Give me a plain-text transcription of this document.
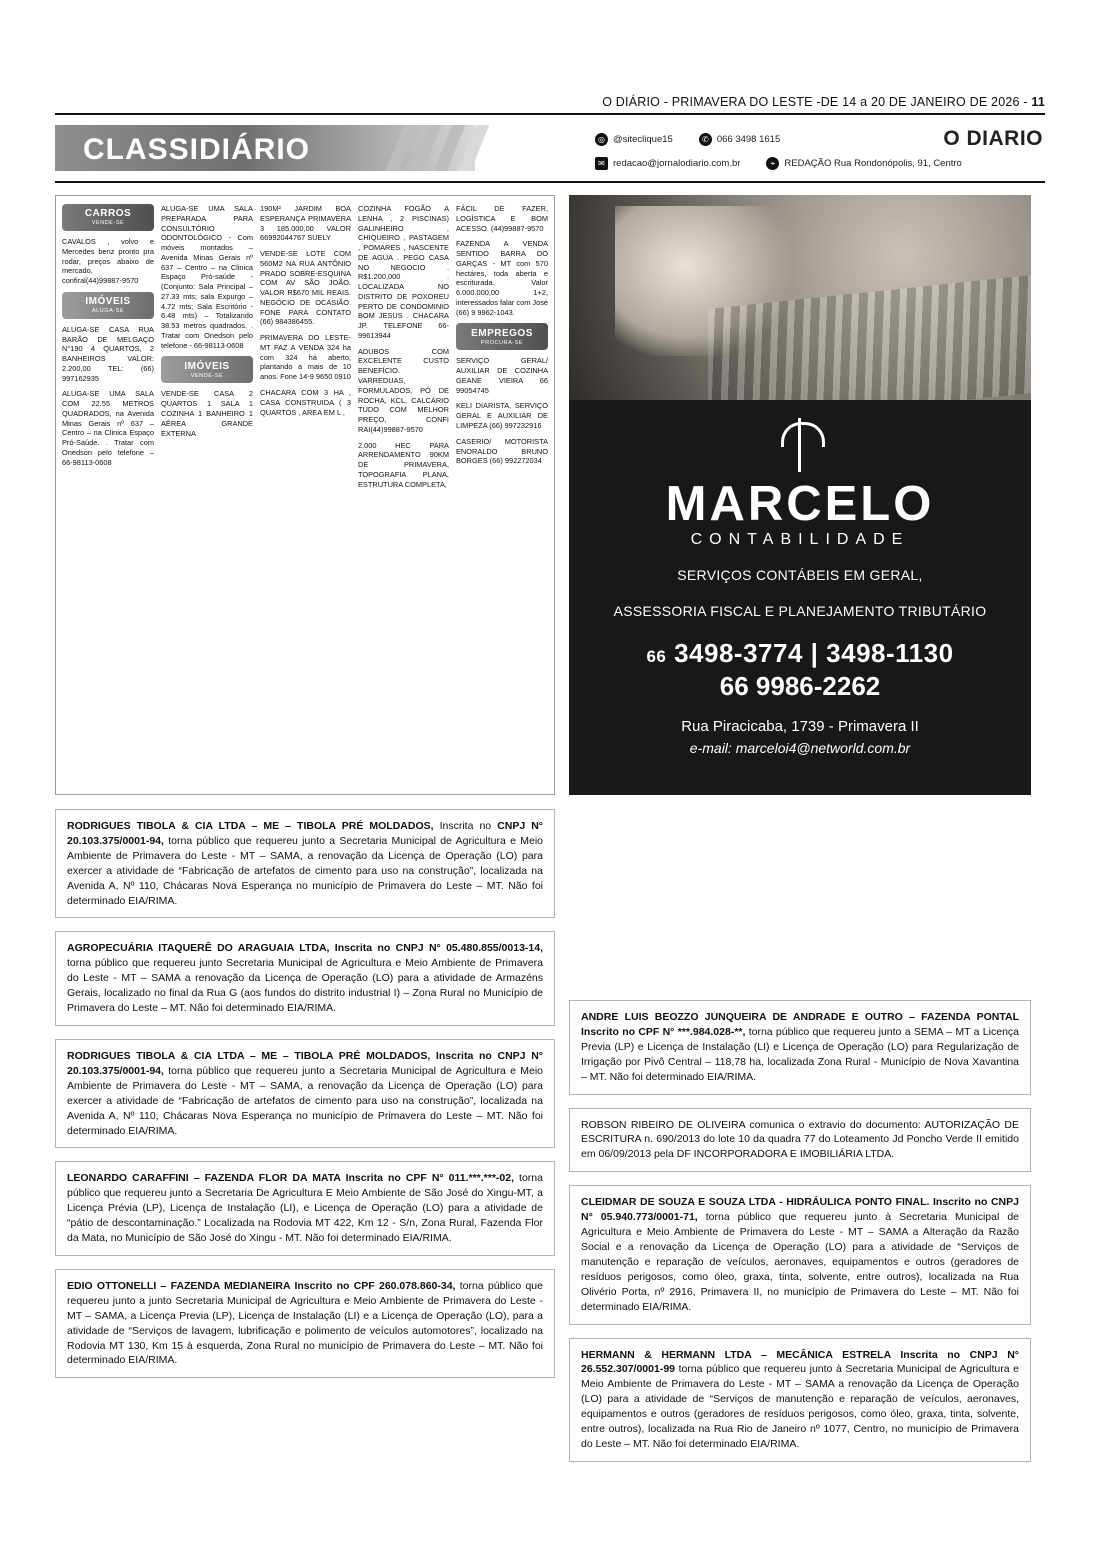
O DIÁRIO - PRIMAVERA DO LESTE -DE 14 a 20 DE JANEIRO DE 2026 - 11
CLASSIDIÁRIO	◎ @siteclique15	✆ 066 3498 1615	O DIARIO
✉ redacao@jornalodiario.com.br	⌖ REDAÇÃO Rua Rondonópolis, 91, Centro
CARROS
VENDE-SE

CAVALOS , volvo e Mercedes benz pronto pra rodar, preços abaixo de mercado, confiral(44)99887-9570

IMÓVEIS
ALUGA-SE

ALUGA-SE CASA RUA BARÃO DE MELGAÇO N°190 4 QUARTOS, 2 BANHEIROS VALOR: 2.200,00 TEL: (66) 997162935

ALUGA-SE UMA SALA COM 22.55 METROS QUADRADOS, na Avenida Minas Gerais nº 637 – Centro – na Clinica Espaço Pró-Saúde. . Tratar com Onedson pelo telefone – 66-98113-0608

ALUGA-SE UMA SALA PREPARADA PARA CONSULTÓRIO ODONTOLÓGICO - Com móveis montados – Avenida Minas Gerais nº 637 – Centro – na Clinica Espaço Pró-saúde - (Conjunto: Sala Principal – 27.33 mts; sala Expurgo – 4.72 mts; Sala Escritório - 6.48 mts) – Totalizando 38.53 metros quadrados. . Tratar com Onedson pelo telefone - 66-98113-0608

IMÓVEIS
VENDE-SE

VENDE-SE CASA 2 QUARTOS 1 SALA 1 COZINHA 1 BANHEIRO 1 AÉREA GRANDE EXTERNA

190M² JARDIM BOA ESPERANÇA PRIMAVERA 3 185.000,00 VALOR 66992044767 SUELY

VENDE-SE LOTE COM 560M2 NA RUA ANTÔNIO PRADO SOBRE-ESQUINA COM AV SÃO JOÃO. VALOR R$670 MIL REAIS. NEGÓCIO DE OCASIÃO. FONE PARA CONTATO (66) 984386455.

PRIMAVERA DO LESTE-MT FAZ A VENDA 324 ha com 324 há aberto, plantando a mais de 10 anos. Fone 14-9 9650 0910

CHACARA COM 3 HA , CASA CONSTRUIDA ( 3 QUARTOS , AREA EM L ,

COZINHA FOGÃO A LENHA , 2 PISCINAS) GALINHEIRO , CHIQUEIRO , PASTAGEM , POMARES , NASCENTE DE AGUA . PEGO CASA NO NEGOCIO . R$1.200,000 . LOCALIZADA NO DISTRITO DE POXOREU PERTO DE CONDOMINIO BOM JESUS . CHACARA JP. TELEFONE 66-99613944

ADUBOS COM EXCELENTE CUSTO BENEFÍCIO. VARREDUAS, FORMULADOS, PÓ DE ROCHA, KCL, CALCÁRIO TUDO COM MELHOR PREÇO, CONFI RAI(44)99887-9570

2.000 HEC PARA ARRENDAMENTO 90KM DE PRIMAVERA, TOPOGRAFIA PLANA, ESTRUTURA COMPLETA,

FÁCIL DE FAZER, LOGÍSTICA E BOM ACESSO. (44)99887-9570

FAZENDA A VENDA SENTIDO BARRA DO GARÇAS - MT com 570 hectáres, toda aberta e escriturada. Valor 6.000.000,00 1+2, interessados falar com José (66) 9 9962-1043.

EMPREGOS
PROCURA-SE

SERVIÇO GERAL/ AUXILIAR DE COZINHA GEANE VIEIRA 66 99054745

KELI DIARISTA, SERVIÇO GERAL E AUXILIAR DE LIMPEZA (66) 997232916

CASERIO/ MOTORISTA ENORALDO BRUNO BORGES (66) 992272034

MARCELO
CONTABILIDADE
SERVIÇOS CONTÁBEIS EM GERAL,
ASSESSORIA FISCAL E PLANEJAMENTO TRIBUTÁRIO
66 3498-3774 | 3498-1130
66 9986-2262
Rua Piracicaba, 1739 - Primavera II
e-mail: marceloi4@networld.com.br
RODRIGUES TIBOLA & CIA LTDA – ME – TIBOLA PRÉ MOLDADOS, Inscrita no CNPJ N° 20.103.375/0001-94, torna público que requereu junto a Secretaria Municipal de Agricultura e Meio Ambiente de Primavera do Leste - MT – SAMA, a renovação da Licença de Operação (LO) para exercer a atividade de “Fabricação de artefatos de cimento para uso na construção”, localizada na Avenida A, Nº 110, Chácaras Nova Esperança no município de Primavera do Leste – MT. Não foi determinado EIA/RIMA.
AGROPECUÁRIA ITAQUERÊ DO ARAGUAIA LTDA, Inscrita no CNPJ N° 05.480.855/0013-14, torna público que requereu junto Secretaria Municipal de Agricultura e Meio Ambiente de Primavera do Leste - MT – SAMA a renovação da Licença de Operação (LO) para a atividade de Armazéns Gerais, localizado no final da Rua G (aos fundos do distrito industrial I) – Zona Rural no Município de Primavera do Leste – MT. Não foi determinado EIA/RIMA.
RODRIGUES TIBOLA & CIA LTDA – ME – TIBOLA PRÉ MOLDADOS, Inscrita no CNPJ N° 20.103.375/0001-94, torna público que requereu junto a Secretaria Municipal de Agricultura e Meio Ambiente de Primavera do Leste - MT – SAMA, a renovação da Licença de Operação (LO) para exercer a atividade de “Fabricação de artefatos de cimento para uso na construção”, localizada na Avenida A, Nº 110, Chácaras Nova Esperança no município de Primavera do Leste – MT. Não foi determinado EIA/RIMA.
LEONARDO CARAFFINI – FAZENDA FLOR DA MATA Inscrita no CPF N° 011.***.***-02, torna público que requereu junto a Secretaria De Agricultura E Meio Ambiente de São José do Xingu-MT, a Licença Prévia (LP), Licença de Instalação (LI), e Licença de Operação (LO) para a atividade de “pátio de descontaminação.” Localizada na Rodovia MT 422, Km 12 - S/n, Zona Rural, Fazenda Flor da Mata, no Município de São José do Xingu - MT. Não foi determinado EIA/RIMA.
EDIO OTTONELLI – FAZENDA MEDIANEIRA Inscrito no CPF 260.078.860-34, torna público que requereu junto a junto Secretaria Municipal de Agricultura e Meio Ambiente de Primavera do Leste - MT – SAMA, a Licença Previa (LP), Licença de Instalação (LI) e a Licença de Operação (LO), para a atividade de “Serviços de lavagem, lubrificação e polimento de veículos automotores”, localizado na Rodovia MT 130, Km 15 à esquerda, Zona Rural no município de Primavera do Leste – MT. Não foi determinado EIA/RIMA.
ANDRE LUIS BEOZZO JUNQUEIRA DE ANDRADE E OUTRO – FAZENDA PONTAL Inscrito no CPF N° ***.984.028-**, torna público que requereu junto a SEMA – MT a Licença Previa (LP) e Licença de Instalação (LI) e Licença de Operação (LO) para Regularização de Irrigação por Pivô Central – 118,78 ha, localizada Zona Rural - Município de Nova Xavantina – MT. Não foi determinado EIA/RIMA.
ROBSON RIBEIRO DE OLIVEIRA comunica o extravio do documento: AUTORIZAÇÃO DE ESCRITURA n. 690/2013 do lote 10 da quadra 77 do Loteamento Jd Poncho Verde II emitido em 06/09/2013 pela DF INCORPORADORA E IMOBILIÁRIA LTDA.
CLEIDMAR DE SOUZA E SOUZA LTDA - HIDRÁULICA PONTO FINAL. Inscrito no CNPJ N° 05.940.773/0001-71, torna público que requereu junto à Secretaria Municipal de Agricultura e Meio Ambiente de Primavera do Leste - MT – SAMA a Alteração da Razão Social e a renovação da Licença de Operação (LO) para a atividade de “Serviços de manutenção e reparação de veículos, aeronaves, equipamentos e outros (geradores de resíduos perigosos, como óleo, graxa, tinta, solvente, entre outros), localizada na Rua Olivério Porta, nº 2916, Primavera II, no município de Primavera do Leste – MT. Não foi determinado EIA/RIMA.
HERMANN & HERMANN LTDA – MECÂNICA ESTRELA Inscrita no CNPJ N° 26.552.307/0001-99 torna público que requereu junto à Secretaria Municipal de Agricultura e Meio Ambiente de Primavera do Leste - MT – SAMA a renovação da Licença de Operação (LO) para a atividade de “Serviços de manutenção e reparação de veículos, aeronaves, equipamentos e outros (geradores de resíduos perigosos, como óleo, graxa, tinta, solvente, entre outros), localizada na Rua Rio de Janeiro nº 1077, Centro, no município de Primavera do Leste – MT. Não foi determinado EIA/RIMA.
